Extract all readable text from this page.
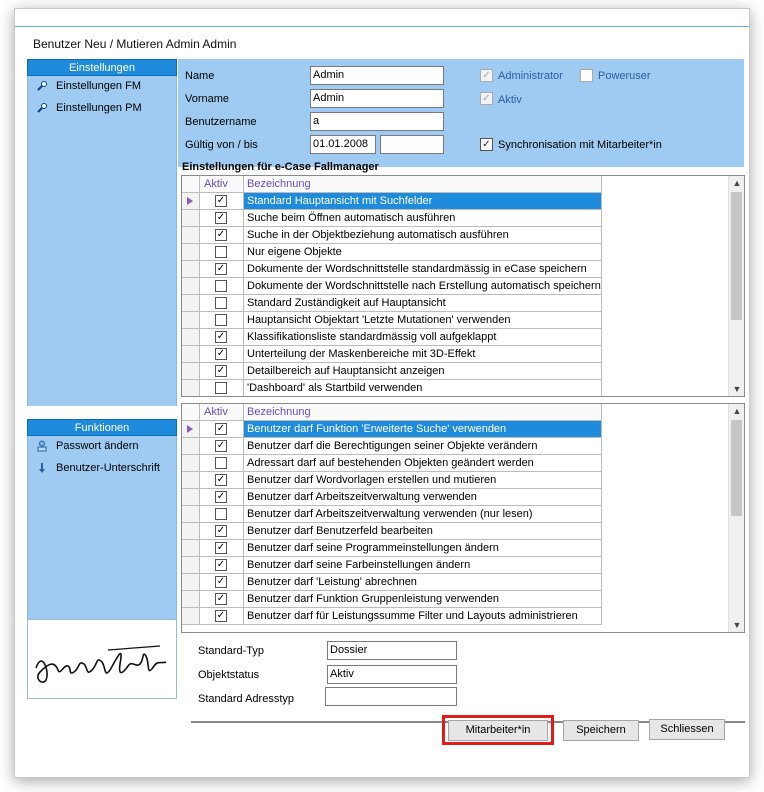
Benutzer Neu / Mutieren Admin Admin
Einstellungen
Einstellungen FM
Einstellungen PM
Funktionen
Passwort ändern
Benutzer-Unterschrift
Name	Admin
Vorname	Admin
Benutzername	a
Gültig von / bis	01.01.2008
✓ Administrator	Poweruser
✓ Aktiv
✓ Synchronisation mit Mitarbeiter*in
Einstellungen für e-Case Fallmanager
Aktiv	Bezeichnung	▲
▼
✓ Standard Hauptansicht mit Suchfelder
✓ Suche beim Öffnen automatisch ausführen
✓ Suche in der Objektbeziehung automatisch ausführen
Nur eigene Objekte
✓ Dokumente der Wordschnittstelle standardmässig in eCase speichern
Dokumente der Wordschnittstelle nach Erstellung automatisch speichern
Standard Zuständigkeit auf Hauptansicht
Hauptansicht Objektart 'Letzte Mutationen' verwenden
✓ Klassifikationsliste standardmässig voll aufgeklappt
✓ Unterteilung der Maskenbereiche mit 3D-Effekt
✓ Detailbereich auf Hauptansicht anzeigen
'Dashboard' als Startbild verwenden
Aktiv	Bezeichnung	▲
▼
✓ Benutzer darf Funktion 'Erweiterte Suche' verwenden
✓ Benutzer darf die Berechtigungen seiner Objekte verändern
Adressart darf auf bestehenden Objekten geändert werden
✓ Benutzer darf Wordvorlagen erstellen und mutieren
✓ Benutzer darf Arbeitszeitverwaltung verwenden
Benutzer darf Arbeitszeitverwaltung verwenden (nur lesen)
✓ Benutzer darf Benutzerfeld bearbeiten
✓ Benutzer darf seine Programmeinstellungen ändern
✓ Benutzer darf seine Farbeinstellungen ändern
✓ Benutzer darf 'Leistung' abrechnen
✓ Benutzer darf Funktion Gruppenleistung verwenden
✓ Benutzer darf für Leistungssumme Filter und Layouts administrieren
Standard-Typ	Dossier
Objektstatus	Aktiv
Standard Adresstyp
Mitarbeiter*in	Speichern	Schliessen
